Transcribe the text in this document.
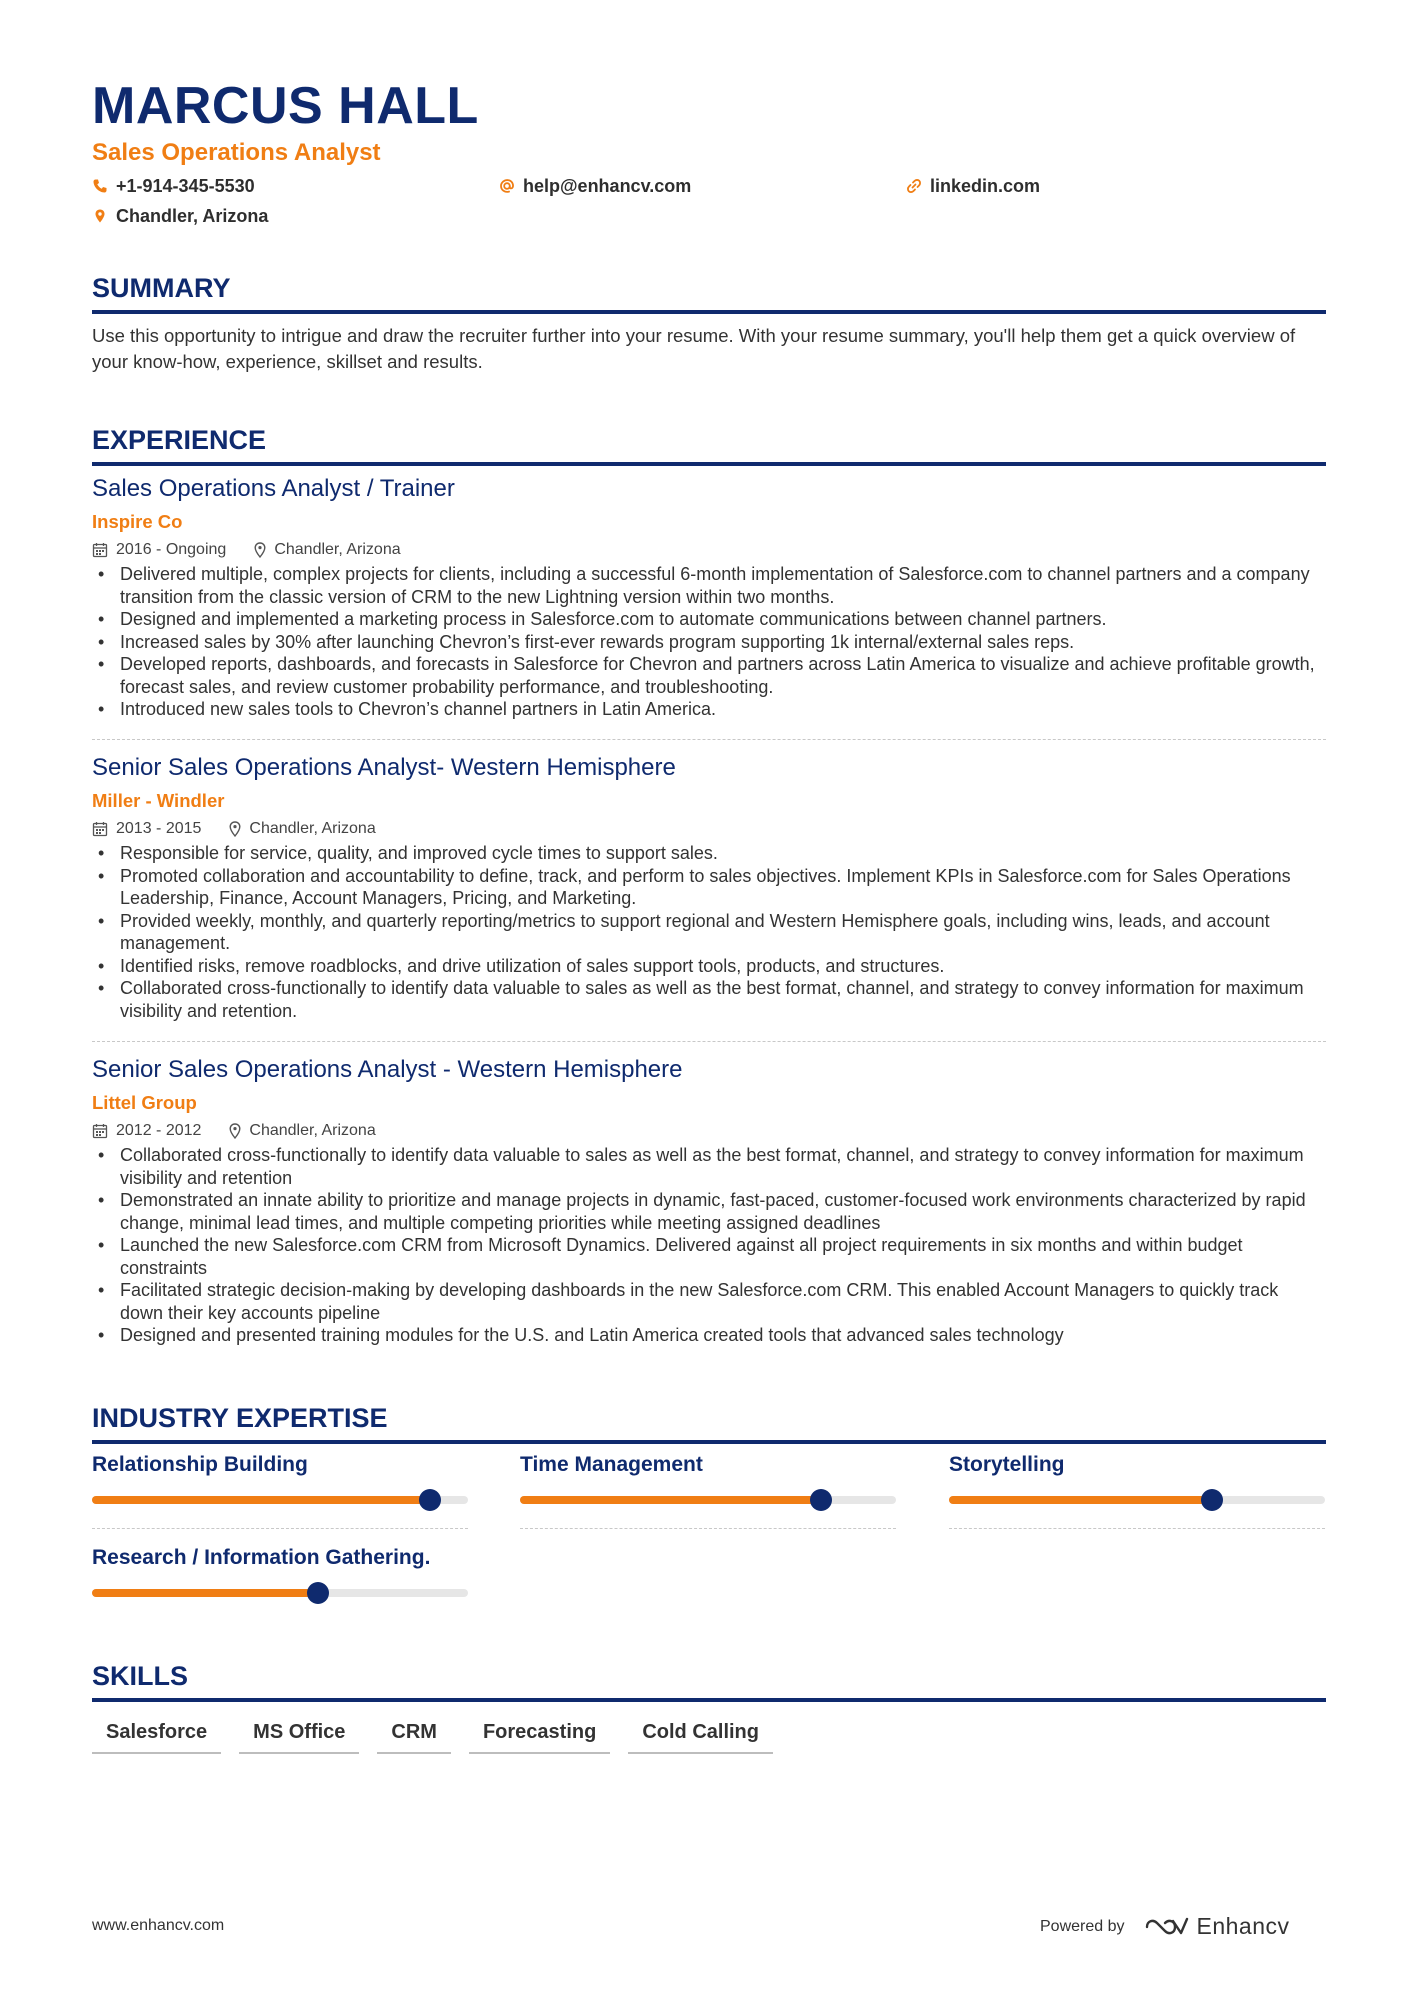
MARCUS HALL
Sales Operations Analyst
+1-914-345-5530	help@enhancv.com	linkedin.com
Chandler, Arizona
SUMMARY
Use this opportunity to intrigue and draw the recruiter further into your resume. With your resume summary, you'll help them get a quick overview of your know-how, experience, skillset and results.
EXPERIENCE
Sales Operations Analyst / Trainer
Inspire Co
2016 - Ongoing	Chandler, Arizona
• Delivered multiple, complex projects for clients, including a successful 6-month implementation of Salesforce.com to channel partners and a company transition from the classic version of CRM to the new Lightning version within two months.
• Designed and implemented a marketing process in Salesforce.com to automate communications between channel partners.
• Increased sales by 30% after launching Chevron’s first-ever rewards program supporting 1k internal/external sales reps.
• Developed reports, dashboards, and forecasts in Salesforce for Chevron and partners across Latin America to visualize and achieve profitable growth, forecast sales, and review customer probability performance, and troubleshooting.
• Introduced new sales tools to Chevron’s channel partners in Latin America.
Senior Sales Operations Analyst- Western Hemisphere
Miller - Windler
2013 - 2015	Chandler, Arizona
• Responsible for service, quality, and improved cycle times to support sales.
• Promoted collaboration and accountability to define, track, and perform to sales objectives. Implement KPIs in Salesforce.com for Sales Operations Leadership, Finance, Account Managers, Pricing, and Marketing.
• Provided weekly, monthly, and quarterly reporting/metrics to support regional and Western Hemisphere goals, including wins, leads, and account management.
• Identified risks, remove roadblocks, and drive utilization of sales support tools, products, and structures.
• Collaborated cross-functionally to identify data valuable to sales as well as the best format, channel, and strategy to convey information for maximum visibility and retention.
Senior Sales Operations Analyst - Western Hemisphere
Littel Group
2012 - 2012	Chandler, Arizona
• Collaborated cross-functionally to identify data valuable to sales as well as the best format, channel, and strategy to convey information for maximum visibility and retention
• Demonstrated an innate ability to prioritize and manage projects in dynamic, fast-paced, customer-focused work environments characterized by rapid change, minimal lead times, and multiple competing priorities while meeting assigned deadlines
• Launched the new Salesforce.com CRM from Microsoft Dynamics. Delivered against all project requirements in six months and within budget constraints
• Facilitated strategic decision-making by developing dashboards in the new Salesforce.com CRM. This enabled Account Managers to quickly track down their key accounts pipeline
• Designed and presented training modules for the U.S. and Latin America created tools that advanced sales technology
INDUSTRY EXPERTISE
Relationship Building	Time Management	Storytelling
Research / Information Gathering.
SKILLS
Salesforce	MS Office	CRM	Forecasting	Cold Calling
www.enhancv.com	Powered by	Enhancv
